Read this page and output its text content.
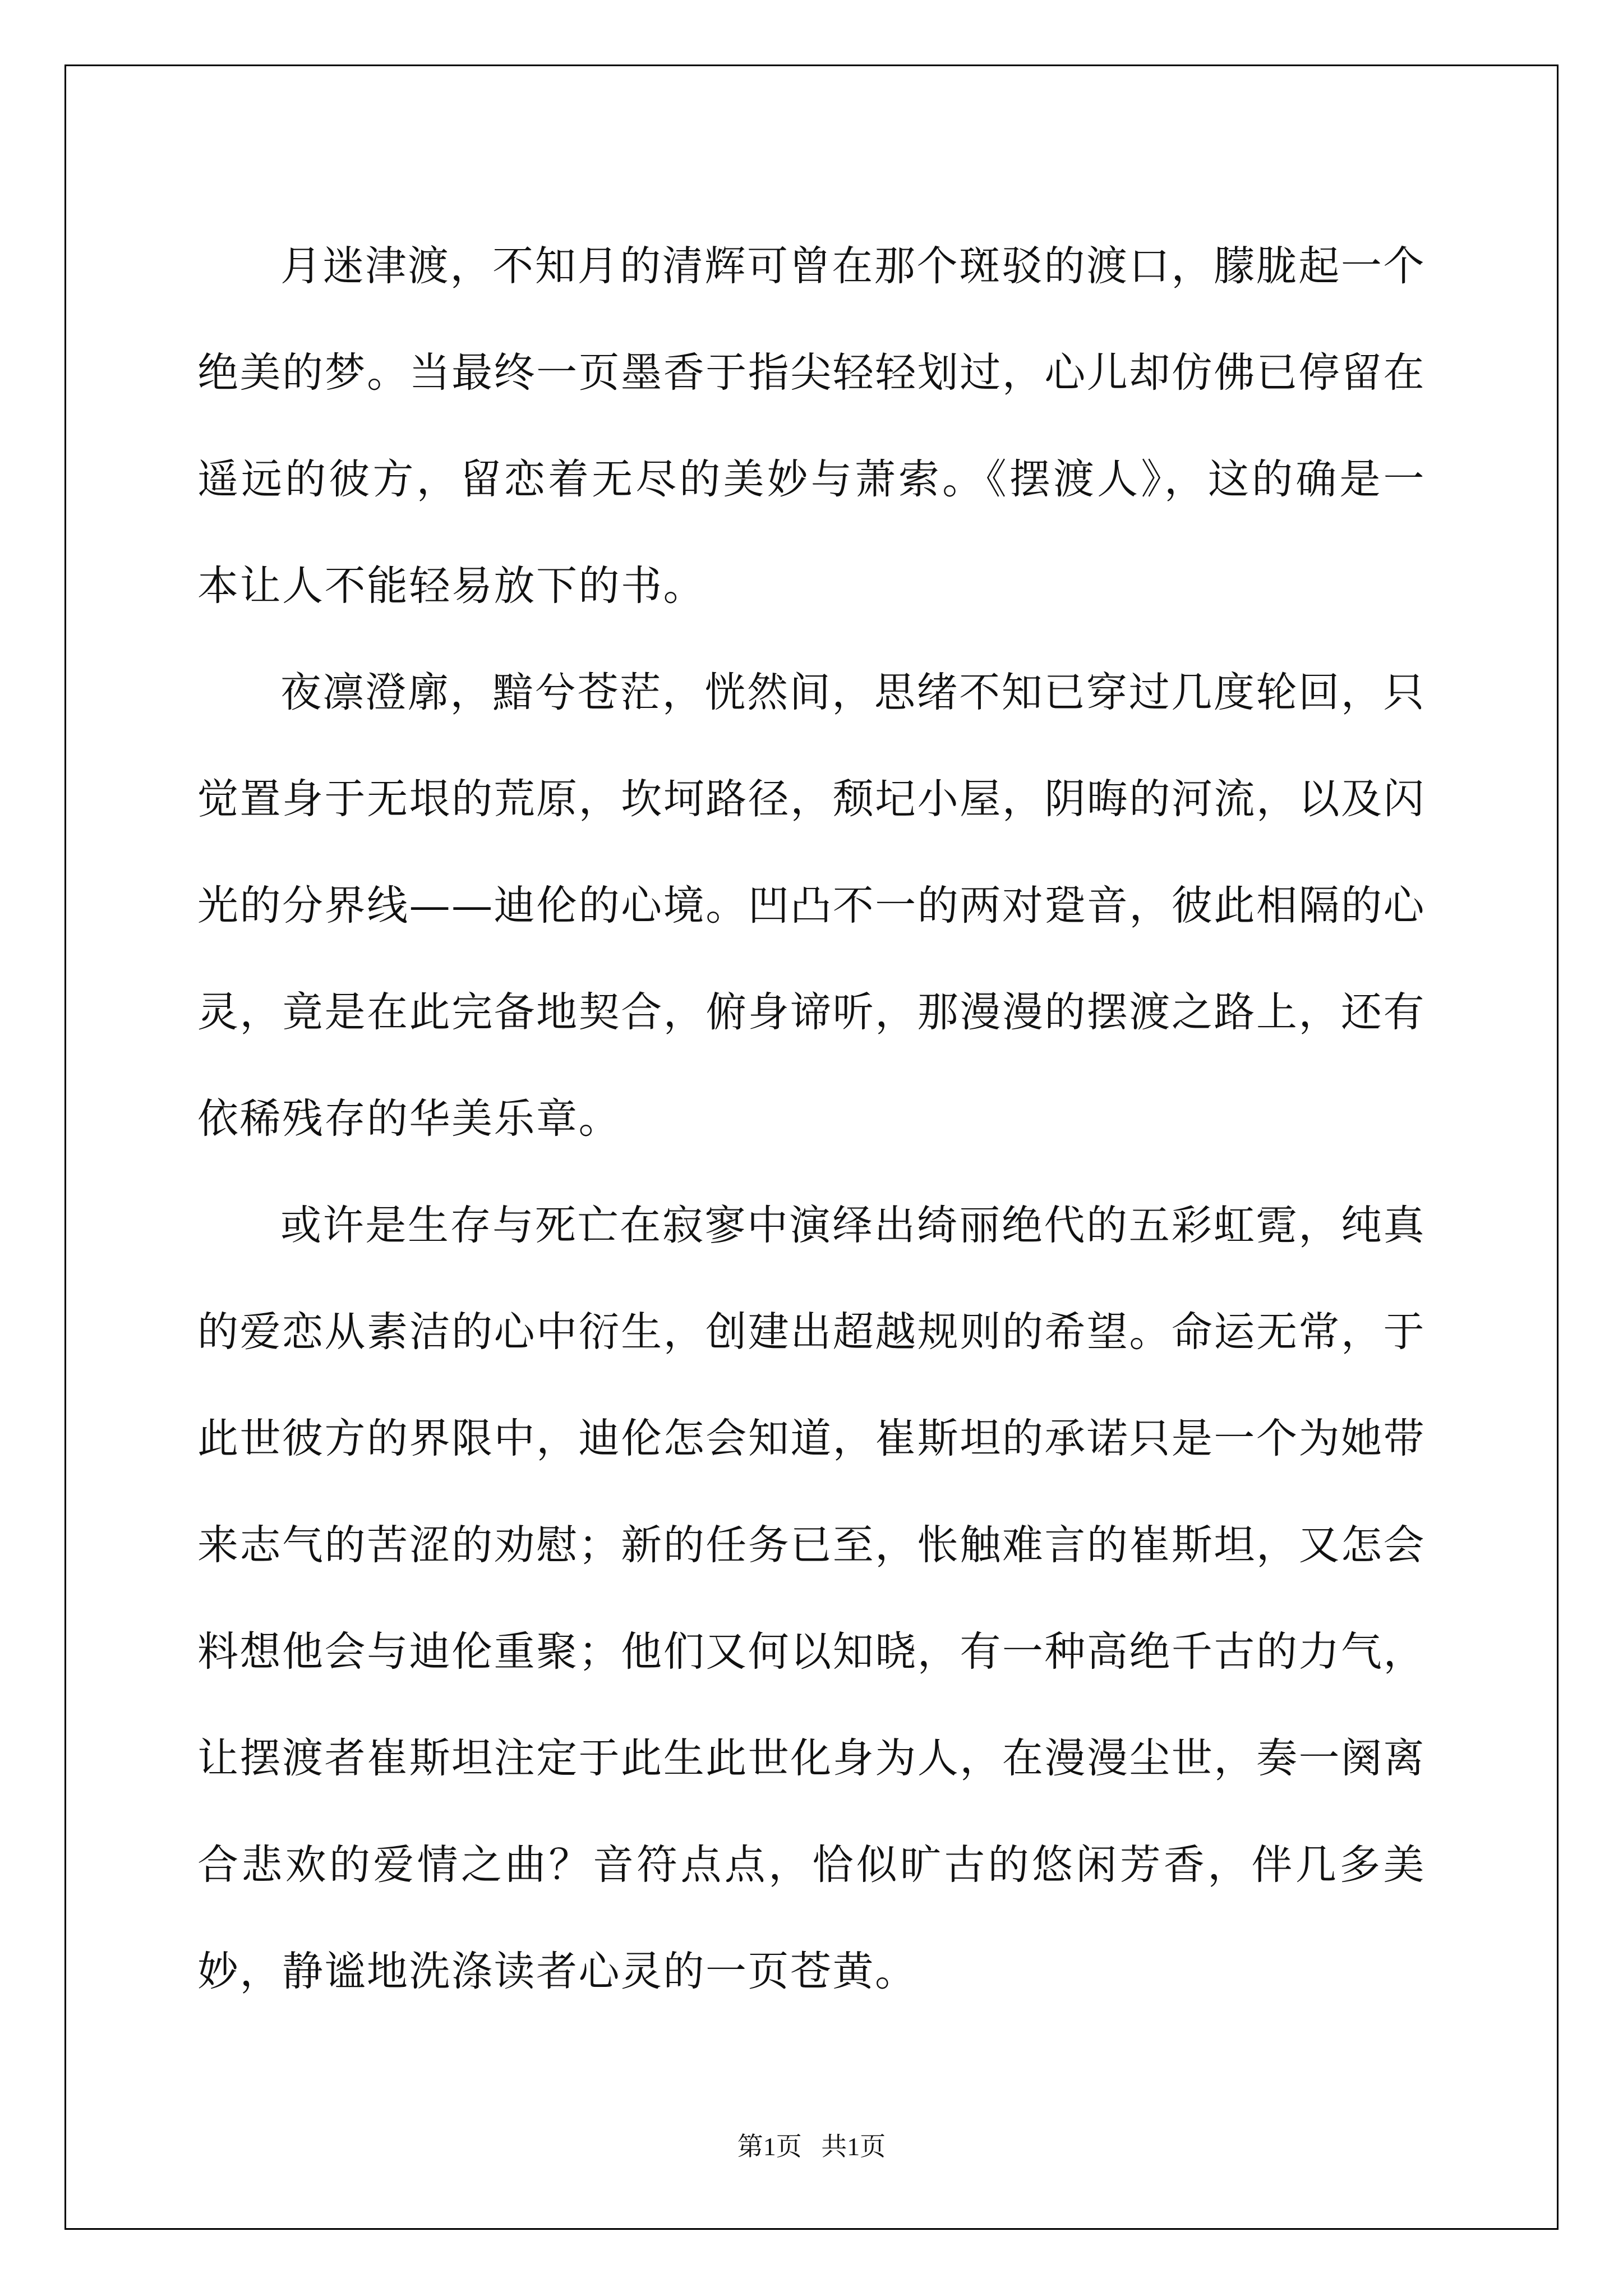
月迷津渡，不知月的清辉可曾在那个斑驳的渡口，朦胧起一个绝美的梦。当最终一页墨香于指尖轻轻划过，心儿却仿佛已停留在遥远的彼方，留恋着无尽的美妙与萧索。《摆渡人》，这的确是一本让人不能轻易放下的书。

夜凛澄廓，黯兮苍茫，恍然间，思绪不知已穿过几度轮回，只觉置身于无垠的荒原，坎坷路径，颓圮小屋，阴晦的河流，以及闪光的分界线——迪伦的心境。凹凸不一的两对跫音，彼此相隔的心灵，竟是在此完备地契合，俯身谛听，那漫漫的摆渡之路上，还有依稀残存的华美乐章。

或许是生存与死亡在寂寥中演绎出绮丽绝代的五彩虹霓，纯真的爱恋从素洁的心中衍生，创建出超越规则的希望。命运无常，于此世彼方的界限中，迪伦怎会知道，崔斯坦的承诺只是一个为她带来志气的苦涩的劝慰；新的任务已至，怅触难言的崔斯坦，又怎会料想他会与迪伦重聚；他们又何以知晓，有一种高绝千古的力气，让摆渡者崔斯坦注定于此生此世化身为人，在漫漫尘世，奏一阕离合悲欢的爱情之曲？音符点点，恰似旷古的悠闲芳香，伴几多美妙，静谧地洗涤读者心灵的一页苍黄。

第1页   共1页
